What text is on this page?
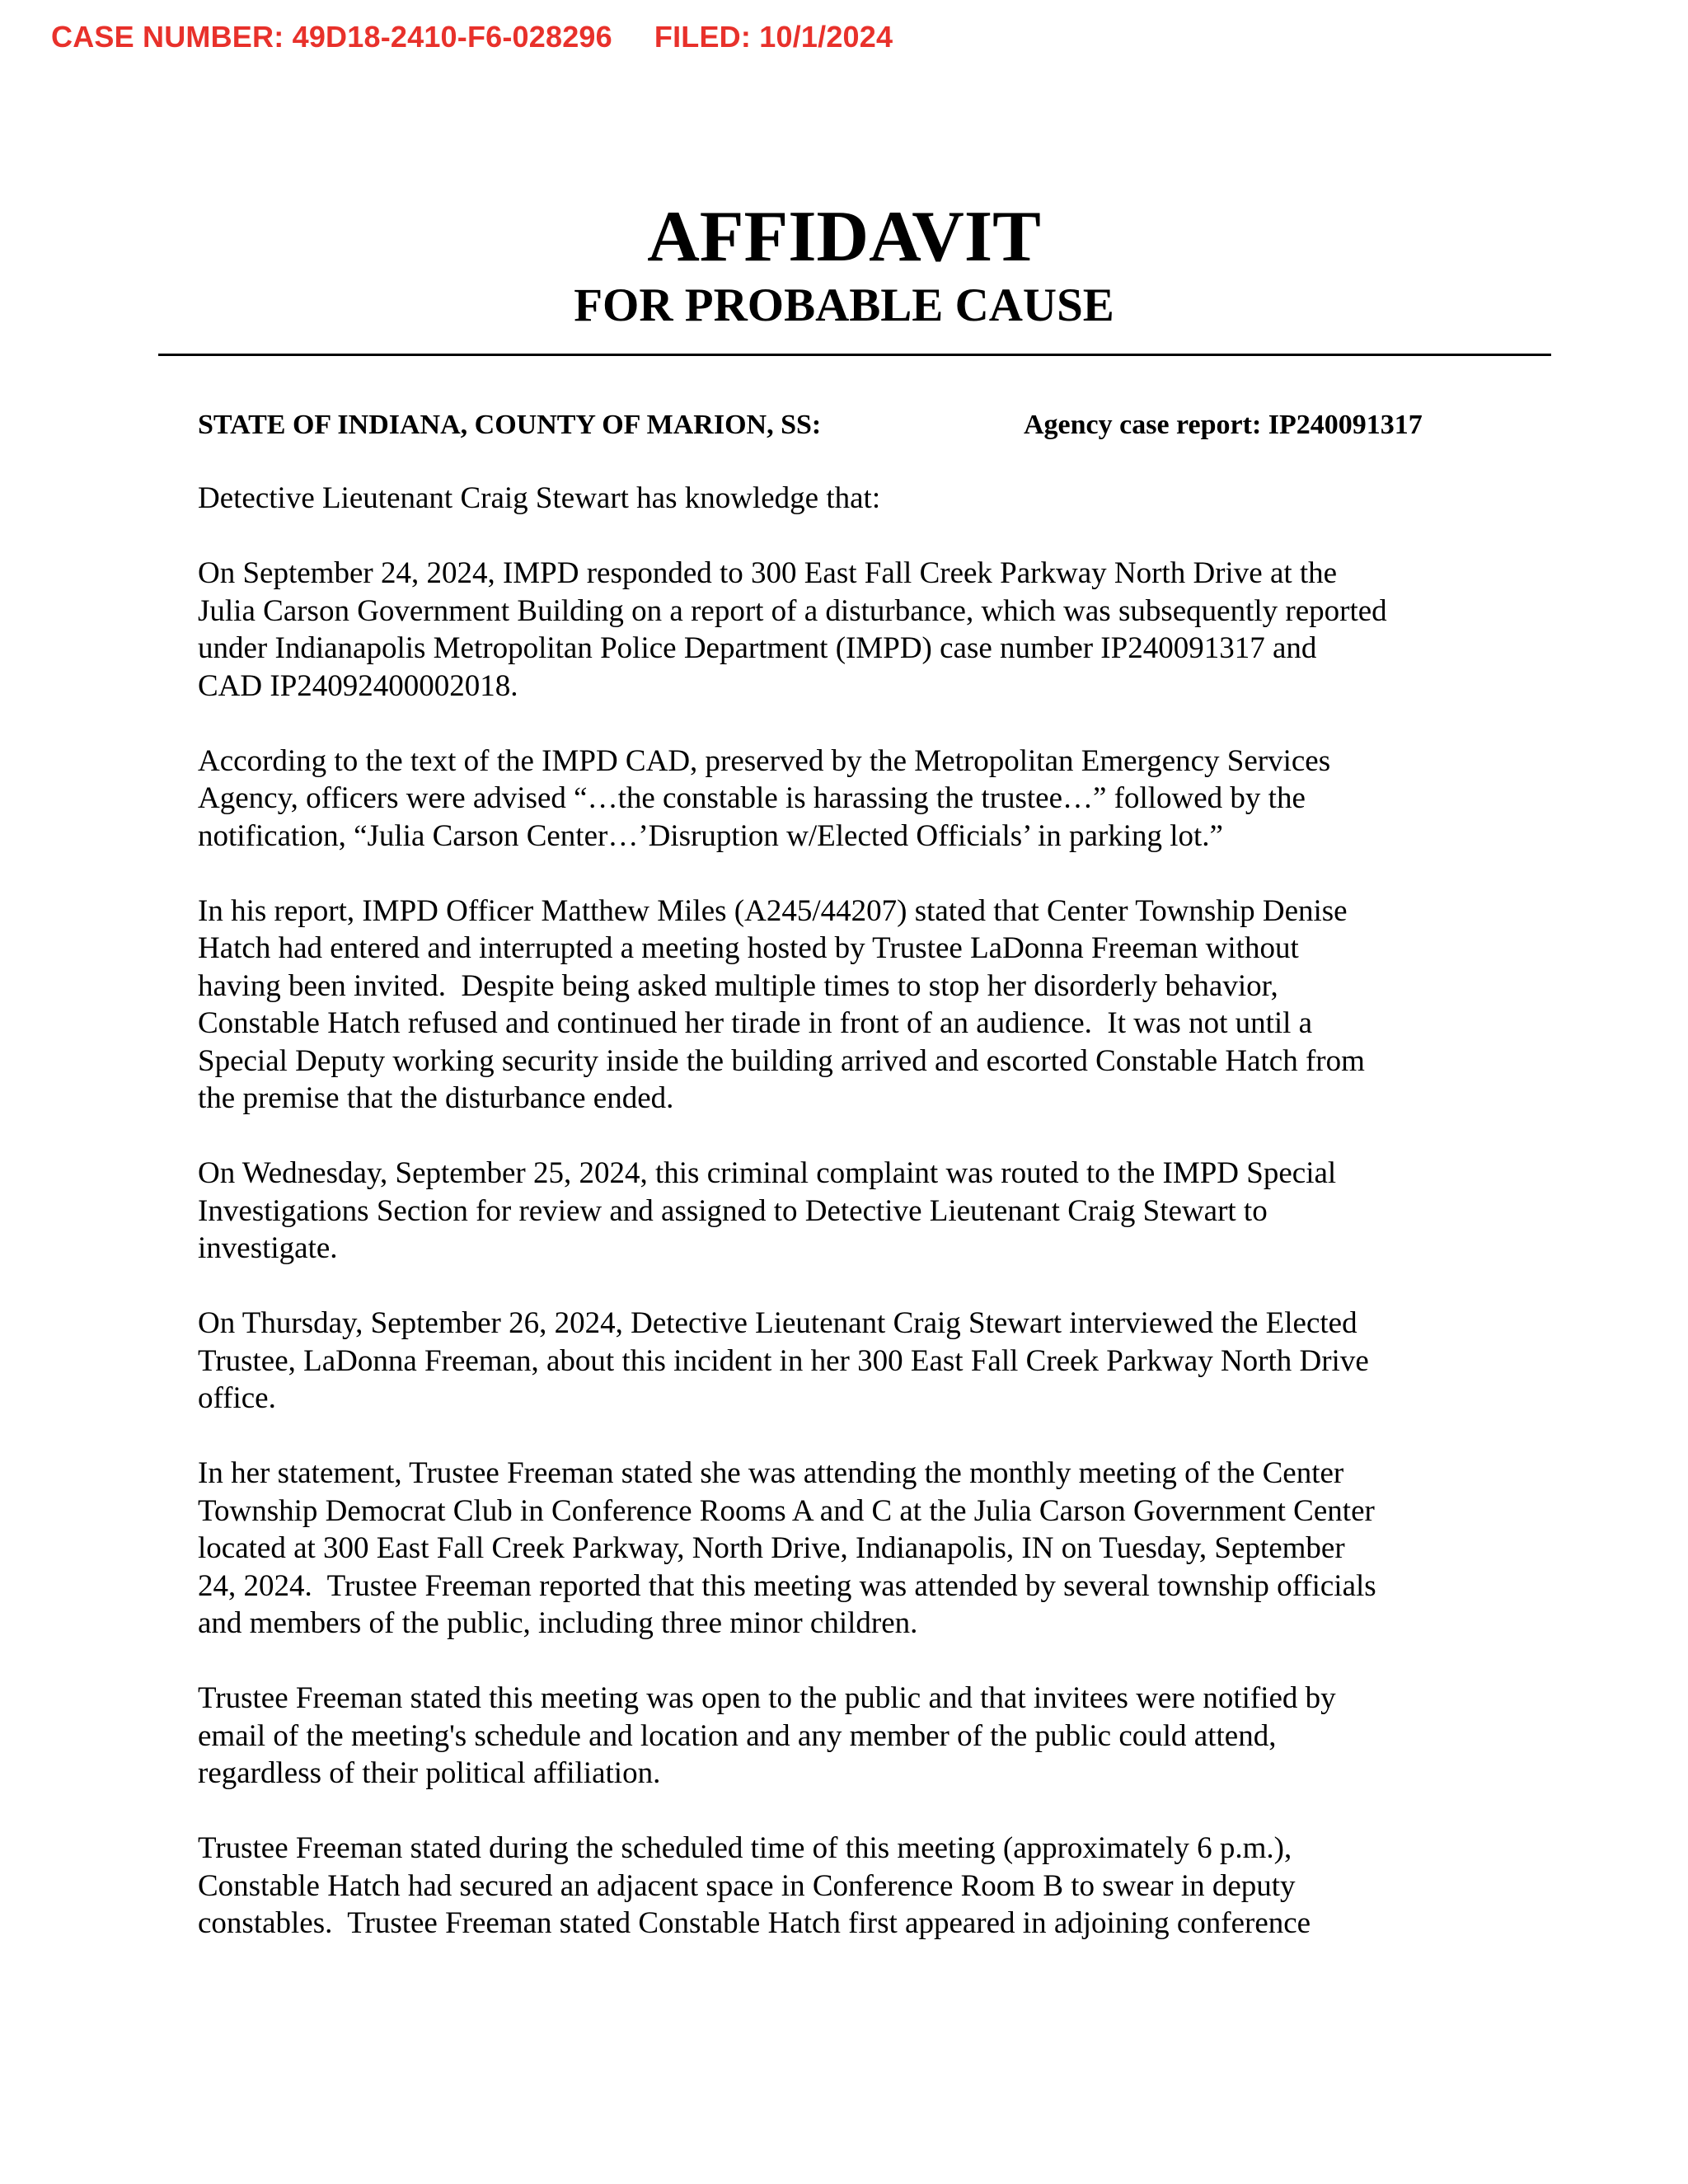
CASE NUMBER: 49D18-2410-F6-028296     FILED: 10/1/2024
AFFIDAVIT
FOR PROBABLE CAUSE
STATE OF INDIANA, COUNTY OF MARION, SS:	Agency case report: IP240091317

Detective Lieutenant Craig Stewart has knowledge that:

On September 24, 2024, IMPD responded to 300 East Fall Creek Parkway North Drive at the
Julia Carson Government Building on a report of a disturbance, which was subsequently reported
under Indianapolis Metropolitan Police Department (IMPD) case number IP240091317 and
CAD IP24092400002018.

According to the text of the IMPD CAD, preserved by the Metropolitan Emergency Services
Agency, officers were advised “…the constable is harassing the trustee…” followed by the
notification, “Julia Carson Center…’Disruption w/Elected Officials’ in parking lot.”

In his report, IMPD Officer Matthew Miles (A245/44207) stated that Center Township Denise
Hatch had entered and interrupted a meeting hosted by Trustee LaDonna Freeman without
having been invited.  Despite being asked multiple times to stop her disorderly behavior,
Constable Hatch refused and continued her tirade in front of an audience.  It was not until a
Special Deputy working security inside the building arrived and escorted Constable Hatch from
the premise that the disturbance ended.

On Wednesday, September 25, 2024, this criminal complaint was routed to the IMPD Special
Investigations Section for review and assigned to Detective Lieutenant Craig Stewart to
investigate.

On Thursday, September 26, 2024, Detective Lieutenant Craig Stewart interviewed the Elected
Trustee, LaDonna Freeman, about this incident in her 300 East Fall Creek Parkway North Drive
office.

In her statement, Trustee Freeman stated she was attending the monthly meeting of the Center
Township Democrat Club in Conference Rooms A and C at the Julia Carson Government Center
located at 300 East Fall Creek Parkway, North Drive, Indianapolis, IN on Tuesday, September
24, 2024.  Trustee Freeman reported that this meeting was attended by several township officials
and members of the public, including three minor children.

Trustee Freeman stated this meeting was open to the public and that invitees were notified by
email of the meeting's schedule and location and any member of the public could attend,
regardless of their political affiliation.

Trustee Freeman stated during the scheduled time of this meeting (approximately 6 p.m.),
Constable Hatch had secured an adjacent space in Conference Room B to swear in deputy
constables.  Trustee Freeman stated Constable Hatch first appeared in adjoining conference
